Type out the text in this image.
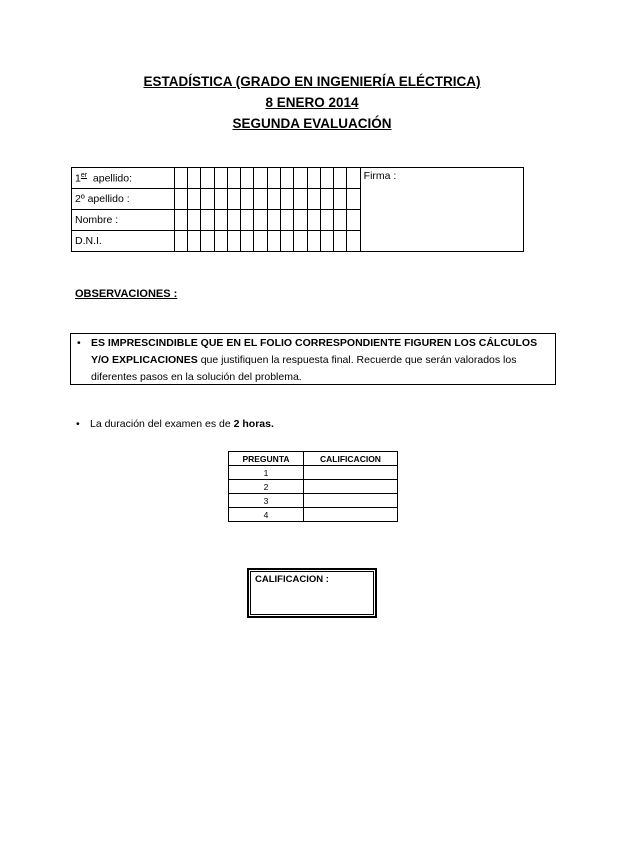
ESTADÍSTICA (GRADO EN INGENIERÍA ELÉCTRICA)
8 ENERO 2014
SEGUNDA EVALUACIÓN
1er  apellido:															Firma :
2º apellido :															
Nombre :															
D.N.I.															
OBSERVACIONES :
• ES IMPRESCINDIBLE QUE EN EL FOLIO CORRESPONDIENTE FIGUREN LOS CÁLCULOS Y/O EXPLICACIONES que justifiquen la respuesta final. Recuerde que serán valorados los diferentes pasos en la solución del problema.
• La duración del examen es de 2 horas.
PREGUNTA	CALIFICACION
1	
2	
3	
4	
CALIFICACION :
